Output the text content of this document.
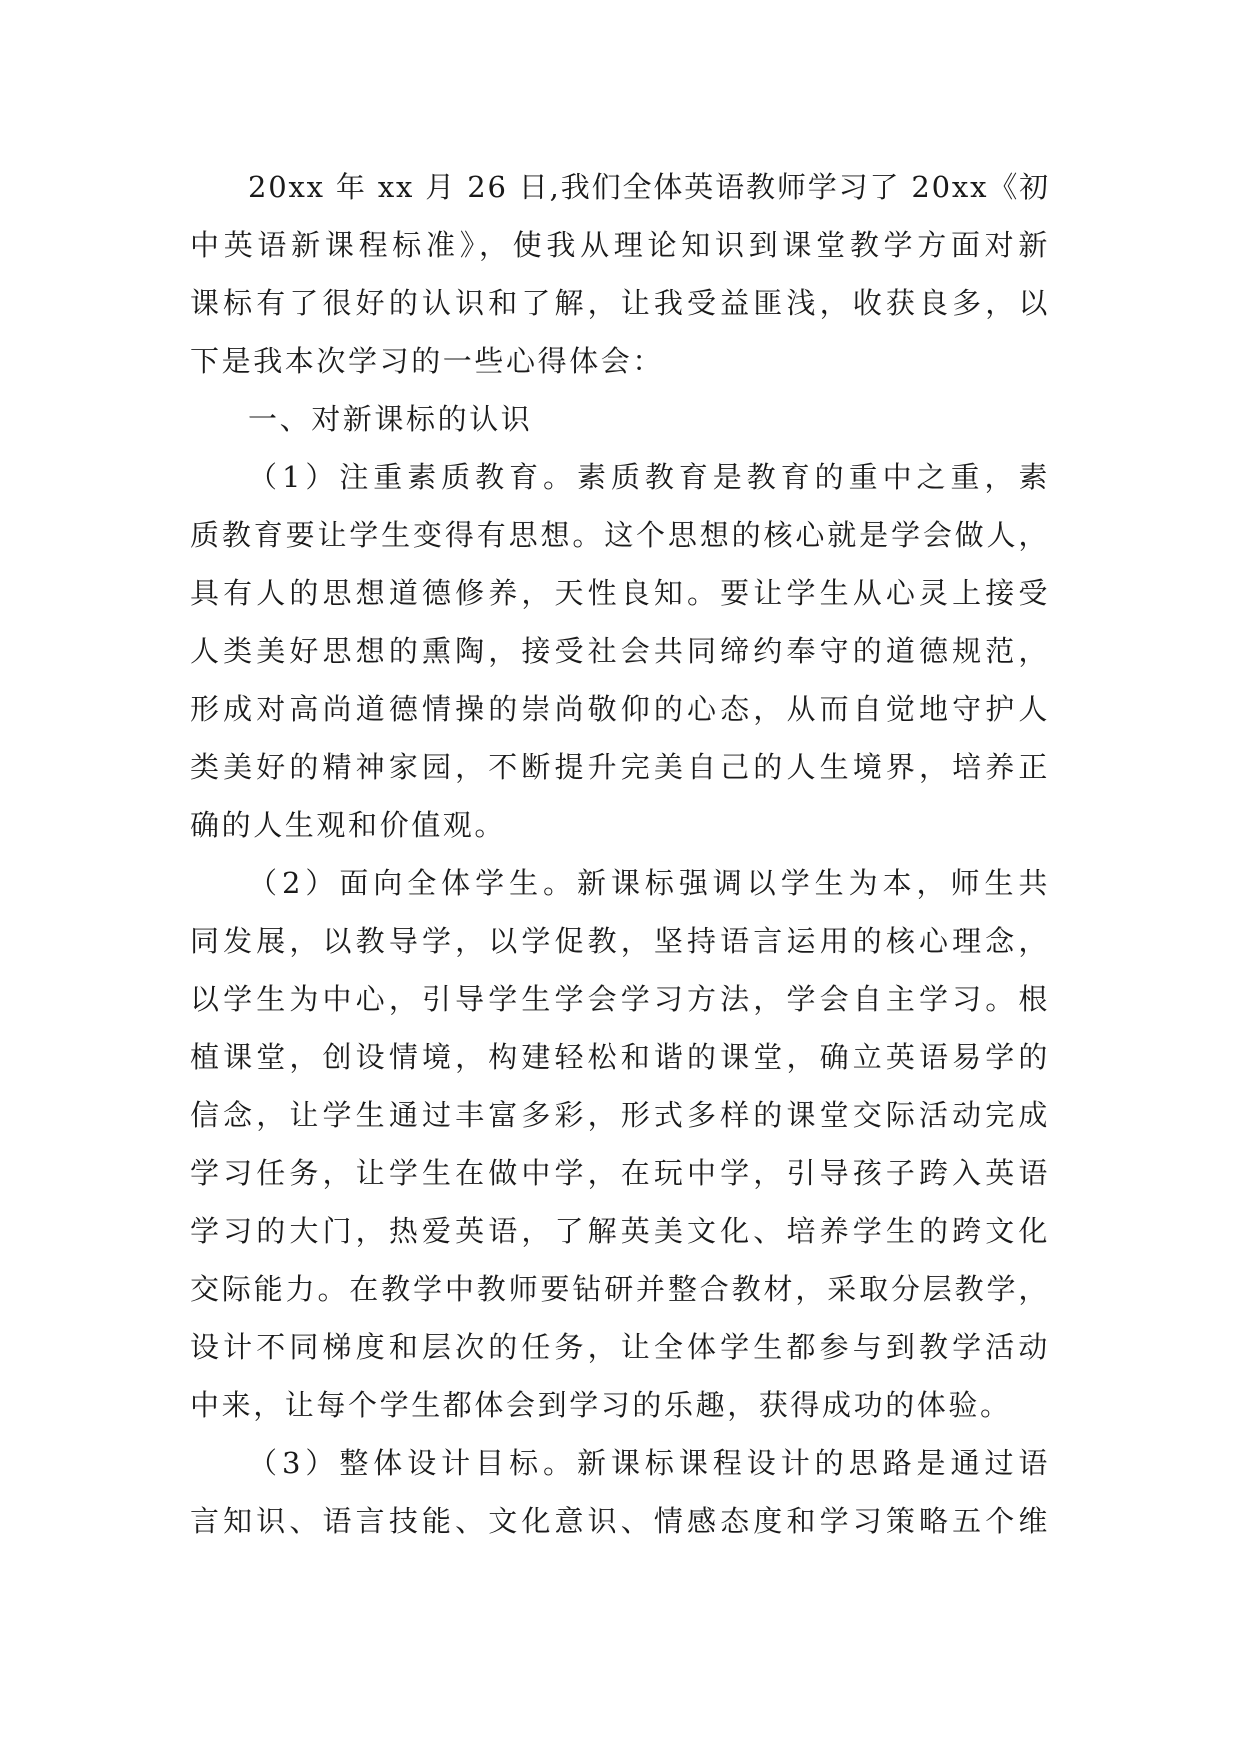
20xx 年 xx 月 26 日,我们全体英语教师学习了 20xx《初
中英语新课程标准》，使我从理论知识到课堂教学方面对新
课标有了很好的认识和了解，让我受益匪浅，收获良多，以
下是我本次学习的一些心得体会：
一、对新课标的认识
（1）注重素质教育。素质教育是教育的重中之重，素
质教育要让学生变得有思想。这个思想的核心就是学会做人，
具有人的思想道德修养，天性良知。要让学生从心灵上接受
人类美好思想的熏陶，接受社会共同缔约奉守的道德规范，
形成对高尚道德情操的崇尚敬仰的心态，从而自觉地守护人
类美好的精神家园，不断提升完美自己的人生境界，培养正
确的人生观和价值观。
（2）面向全体学生。新课标强调以学生为本，师生共
同发展，以教导学，以学促教，坚持语言运用的核心理念，
以学生为中心，引导学生学会学习方法，学会自主学习。根
植课堂，创设情境，构建轻松和谐的课堂，确立英语易学的
信念，让学生通过丰富多彩，形式多样的课堂交际活动完成
学习任务，让学生在做中学，在玩中学，引导孩子跨入英语
学习的大门，热爱英语，了解英美文化、培养学生的跨文化
交际能力。在教学中教师要钻研并整合教材，采取分层教学，
设计不同梯度和层次的任务，让全体学生都参与到教学活动
中来，让每个学生都体会到学习的乐趣，获得成功的体验。
（3）整体设计目标。新课标课程设计的思路是通过语
言知识、语言技能、文化意识、情感态度和学习策略五个维
